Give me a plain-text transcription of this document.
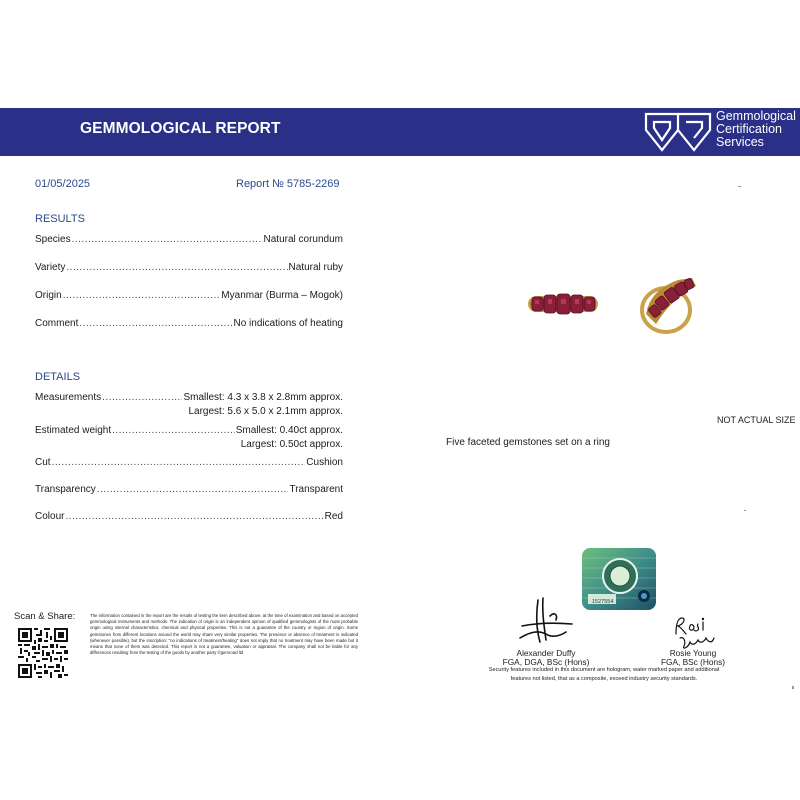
GEMMOLOGICAL REPORT
Gemmological
Certification
Services
01/05/2025	Report № 5785-2269
RESULTS
Species .....	Natural corundum
Variety .....	Natural ruby
Origin .....	Myanmar (Burma – Mogok)
Comment .....	No indications of heating
DETAILS
Measurements .....	Smallest: 4.3 x 3.8 x 2.8mm approx.
Largest: 5.6 x 5.0 x 2.1mm approx.
Estimated weight .....	Smallest: 0.40ct approx.
Largest: 0.50ct approx.
Cut .....	Cushion
Transparency .....	Transparent
Colour .....	Red
Scan & Share:	The information contained in the report are the results of testing the item described above, at the time of examination and based on accepted gemmological instruments and methods. The indication of origin is an independent opinion of qualified gemmologists of the most probable origin using internal characteristics, chemical and physical properties. This is not a guarantee of the country or region of origin. Some gemstones from different locations around the world may share very similar properties. The presence or absence of treatment is indicated (whenever possible), but the inscription: "no indications of treatment/heating" does not imply that no treatment may have been made but it means that none of them was detected. This report is not a guarantee, valuation or appraisal. The company shall not be liable for any differences resulting from the testing of the goods by another party ©gemroad ltd
NOT ACTUAL SIZE
Five faceted gemstones set on a ring
1527554
Alexander Duffy
FGA, DGA, BSc (Hons)
Rosie Young
FGA, BSc (Hons)
Security features included in this document are hologram, water marked paper and additional features not listed, that as a composite, exceed industry security standards.
